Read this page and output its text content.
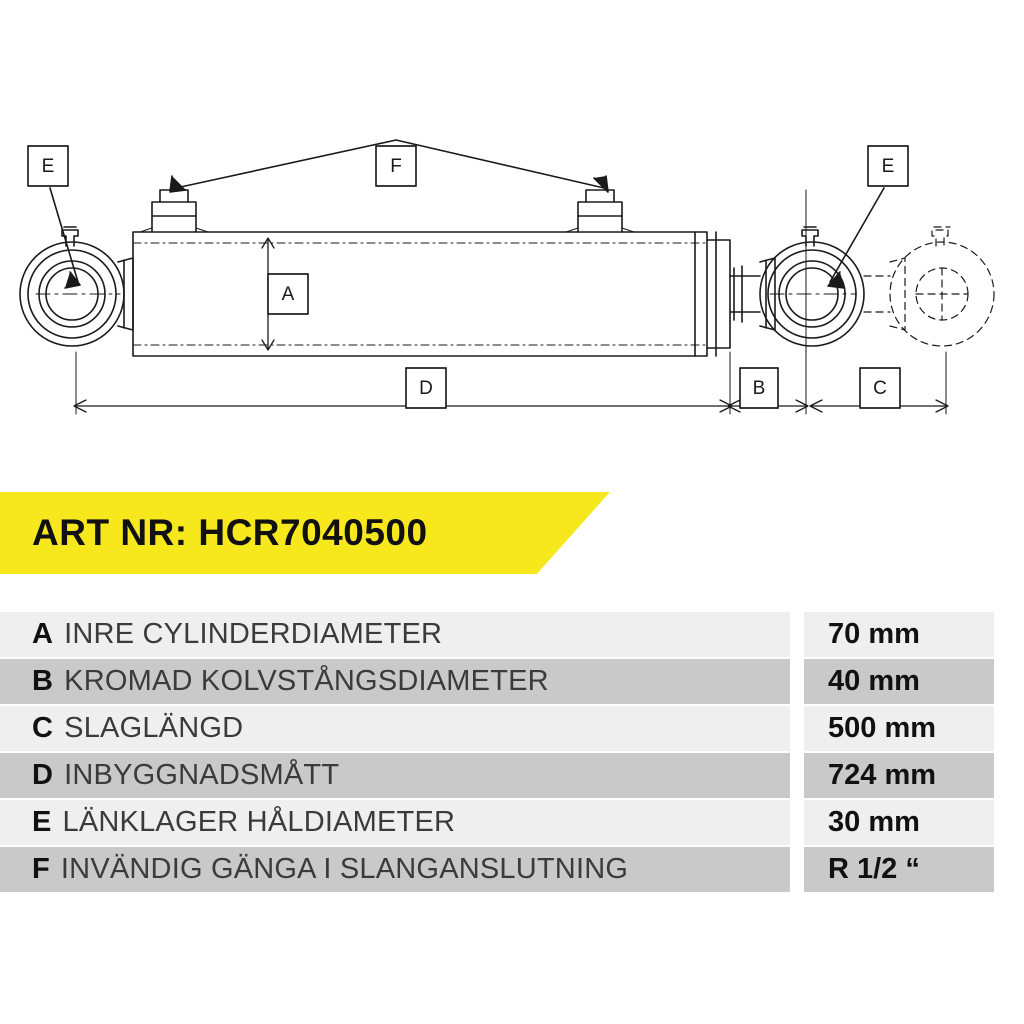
E	F	E
A
D	B	C
ART NR: HCR7040500
A INRE CYLINDERDIAMETER	70 mm
B KROMAD KOLVSTÅNGSDIAMETER	40 mm
C SLAGLÄNGD	500 mm
D INBYGGNADSMÅTT	724 mm
E LÄNKLAGER HÅLDIAMETER	30 mm
F INVÄNDIG GÄNGA I SLANGANSLUTNING	R 1/2 “
